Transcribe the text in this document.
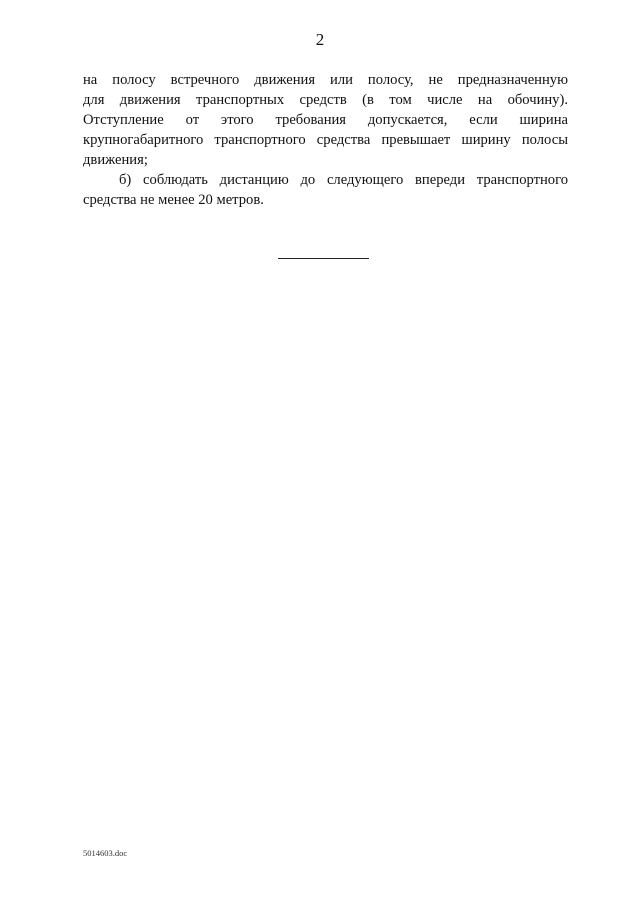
2
на полосу встречного движения или полосу, не предназначенную
для движения транспортных средств (в том числе на обочину).
Отступление от этого требования допускается, если ширина
крупногабаритного транспортного средства превышает ширину полосы
движения;
б) соблюдать дистанцию до следующего впереди транспортного
средства не менее 20 метров.
5014603.doc
